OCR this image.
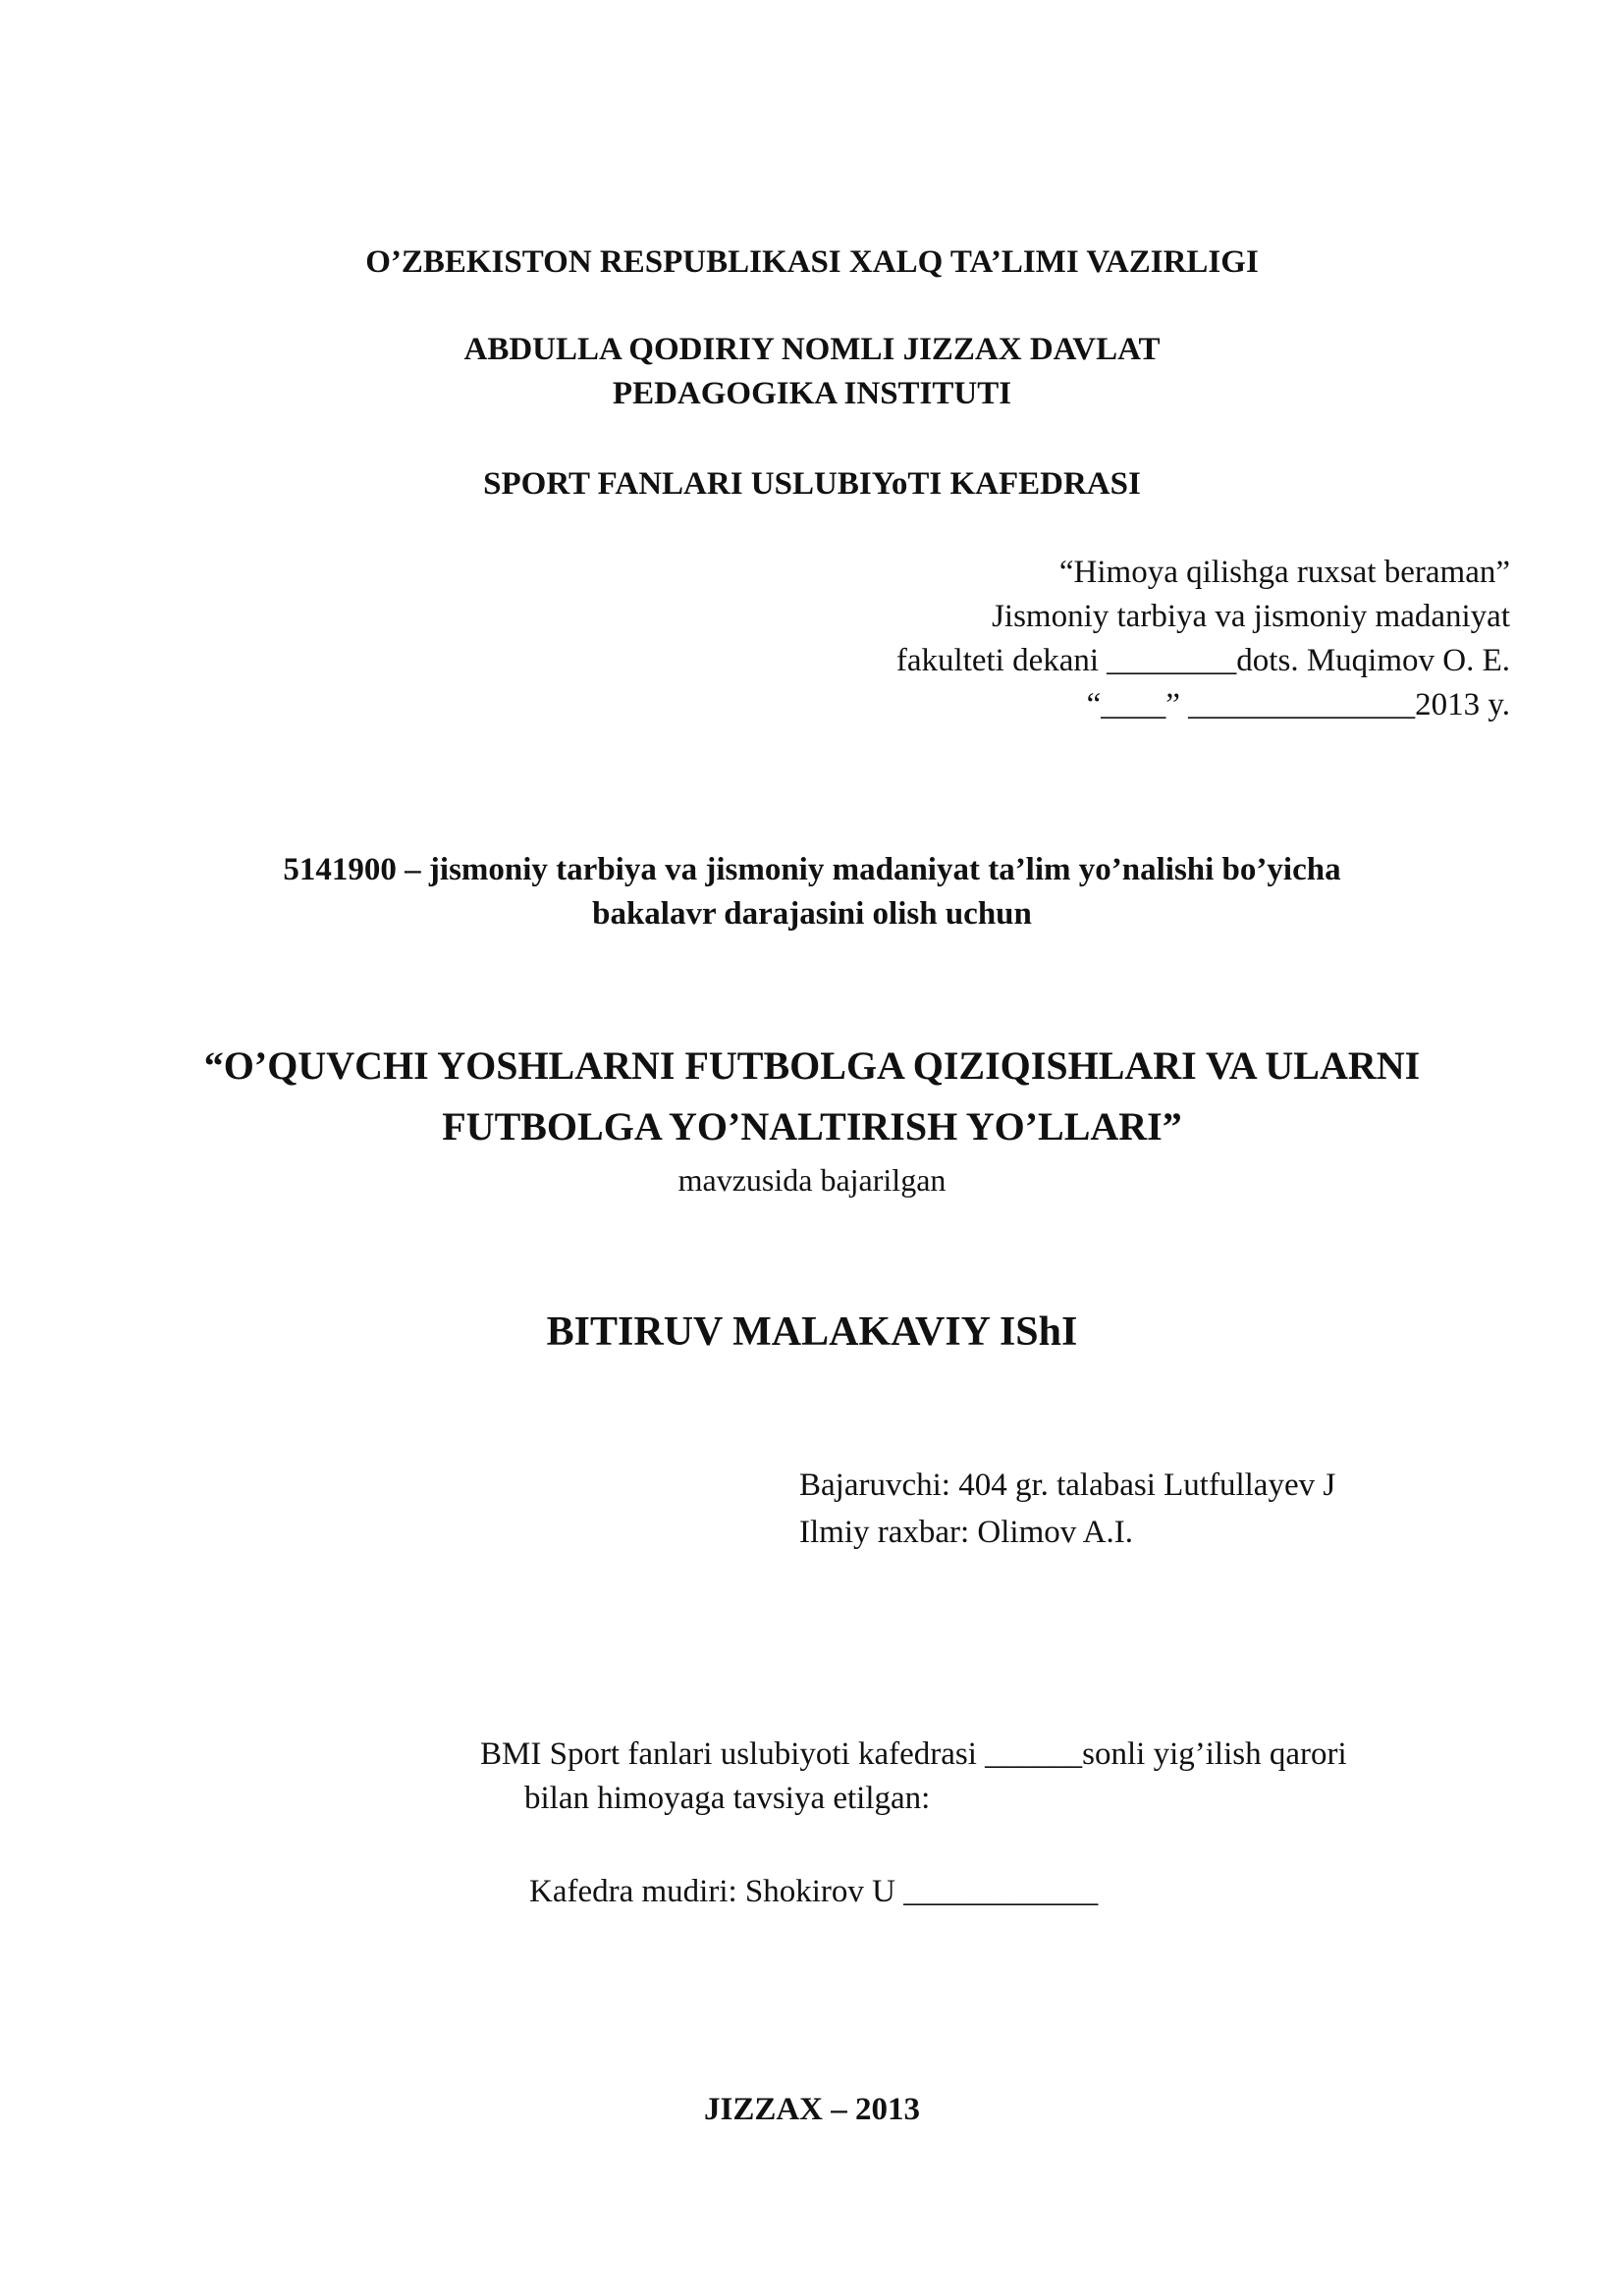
O’ZBEKISTON RESPUBLIKASI XALQ TA’LIMI VAZIRLIGI
ABDULLA QODIRIY NOMLI JIZZAX DAVLAT
PEDAGOGIKA INSTITUTI
SPORT FANLARI USLUBIYoTI KAFEDRASI
“Himoya qilishga ruxsat beraman”
Jismoniy tarbiya va jismoniy madaniyat
fakulteti dekani ________dots. Muqimov O. E.
“____” ______________2013 y.
5141900 – jismoniy tarbiya va jismoniy madaniyat ta’lim yo’nalishi bo’yicha
bakalavr darajasini olish uchun
“O’QUVCHI YOSHLARNI FUTBOLGA QIZIQISHLARI VA ULARNI
FUTBOLGA YO’NALTIRISH YO’LLARI”
mavzusida bajarilgan
BITIRUV MALAKAVIY IShI
Bajaruvchi: 404 gr. talabasi Lutfullayev J
Ilmiy raxbar: Olimov A.I.
BMI Sport fanlari uslubiyoti kafedrasi ______sonli yig’ilish qarori
bilan himoyaga tavsiya etilgan:
Kafedra mudiri: Shokirov U ____________
JIZZAX – 2013
